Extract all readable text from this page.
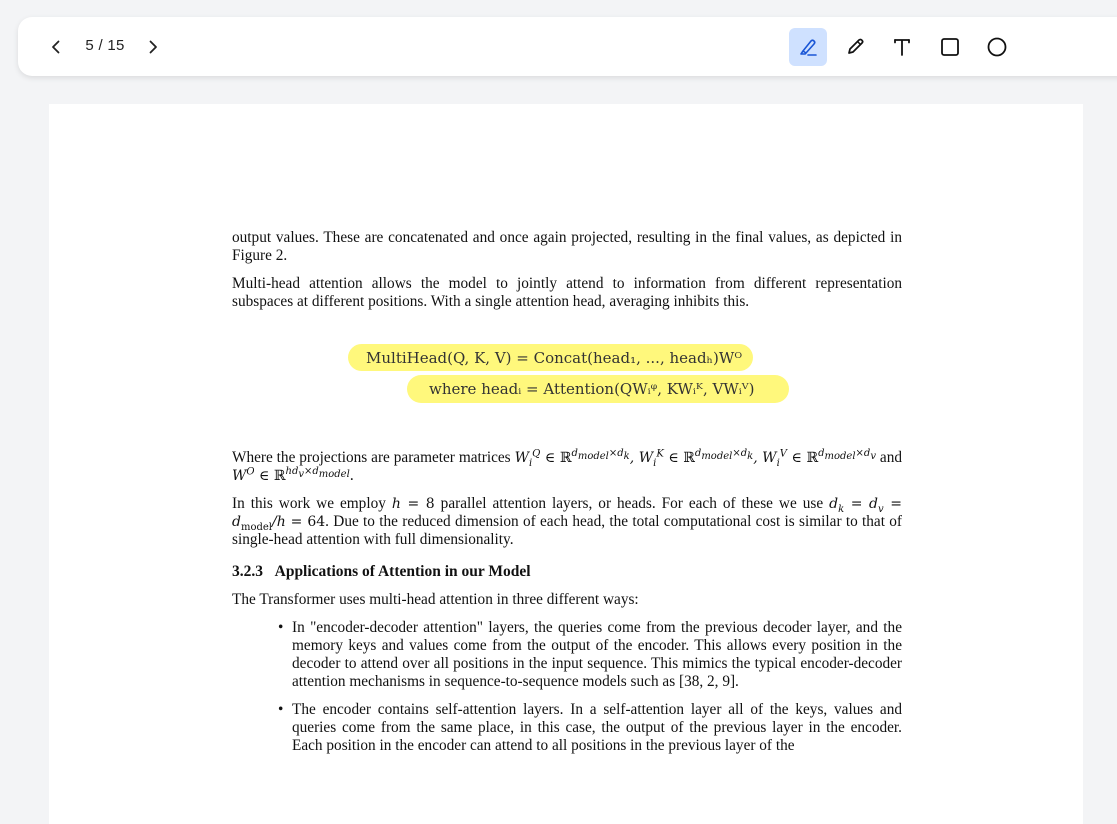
5 / 15

output values. These are concatenated and once again projected, resulting in the final values, as depicted in Figure 2.

Multi-head attention allows the model to jointly attend to information from different representation subspaces at different positions. With a single attention head, averaging inhibits this.

MultiHead(Q, K, V) = Concat(head₁, ..., headₕ)Wᴼ
where headᵢ = Attention(QWᵢᵠ, KWᵢᴷ, VWᵢⱽ)

Where the projections are parameter matrices $W_i^Q$ ∈ ℝ$^{d_{model}\times d_k}$, $W_i^K$ ∈ ℝ$^{d_{model}\times d_k}$, $W_i^V$ ∈ ℝ$^{d_{model}\times d_v}$ and $W^O$ ∈ ℝ$^{hd_v\times d_{model}}$.

In this work we employ h = 8 parallel attention layers, or heads. For each of these we use $d_k = d_v = d_{model}/h = 64$. Due to the reduced dimension of each head, the total computational cost is similar to that of single-head attention with full dimensionality.

3.2.3 Applications of Attention in our Model

The Transformer uses multi-head attention in three different ways:

• In "encoder-decoder attention" layers, the queries come from the previous decoder layer, and the memory keys and values come from the output of the encoder. This allows every position in the decoder to attend over all positions in the input sequence. This mimics the typical encoder-decoder attention mechanisms in sequence-to-sequence models such as [38, 2, 9].
• The encoder contains self-attention layers. In a self-attention layer all of the keys, values and queries come from the same place, in this case, the output of the previous layer in the encoder. Each position in the encoder can attend to all positions in the previous layer of the
